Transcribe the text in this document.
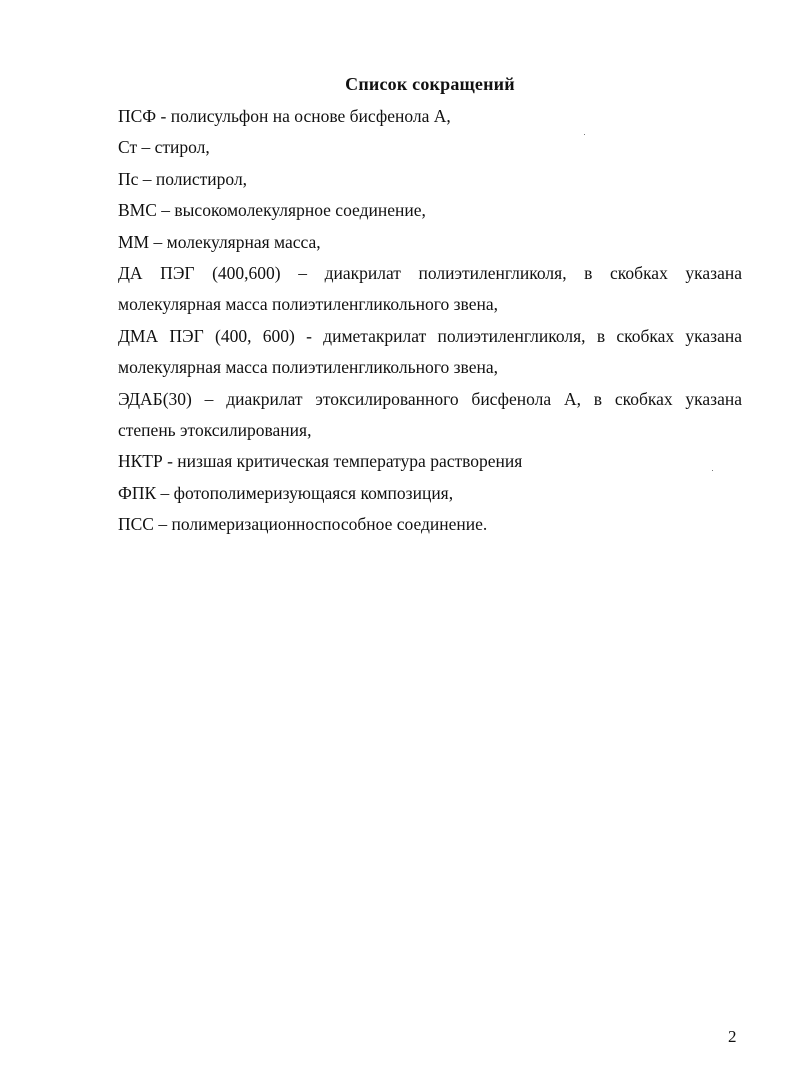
Список сокращений
ПСФ - полисульфон на основе бисфенола А,
Ст – стирол,
Пс – полистирол,
ВМС – высокомолекулярное соединение,
ММ – молекулярная масса,
ДА ПЭГ (400,600) – диакрилат полиэтиленгликоля, в скобках указана
молекулярная масса полиэтиленгликольного звена,
ДМА ПЭГ (400, 600) - диметакрилат полиэтиленгликоля, в скобках указана
молекулярная масса полиэтиленгликольного звена,
ЭДАБ(30) – диакрилат этоксилированного бисфенола А, в скобках указана
степень этоксилирования,
НКТР - низшая критическая температура растворения
ФПК – фотополимеризующаяся композиция,
ПСС – полимеризационноспособное соединение.
2
